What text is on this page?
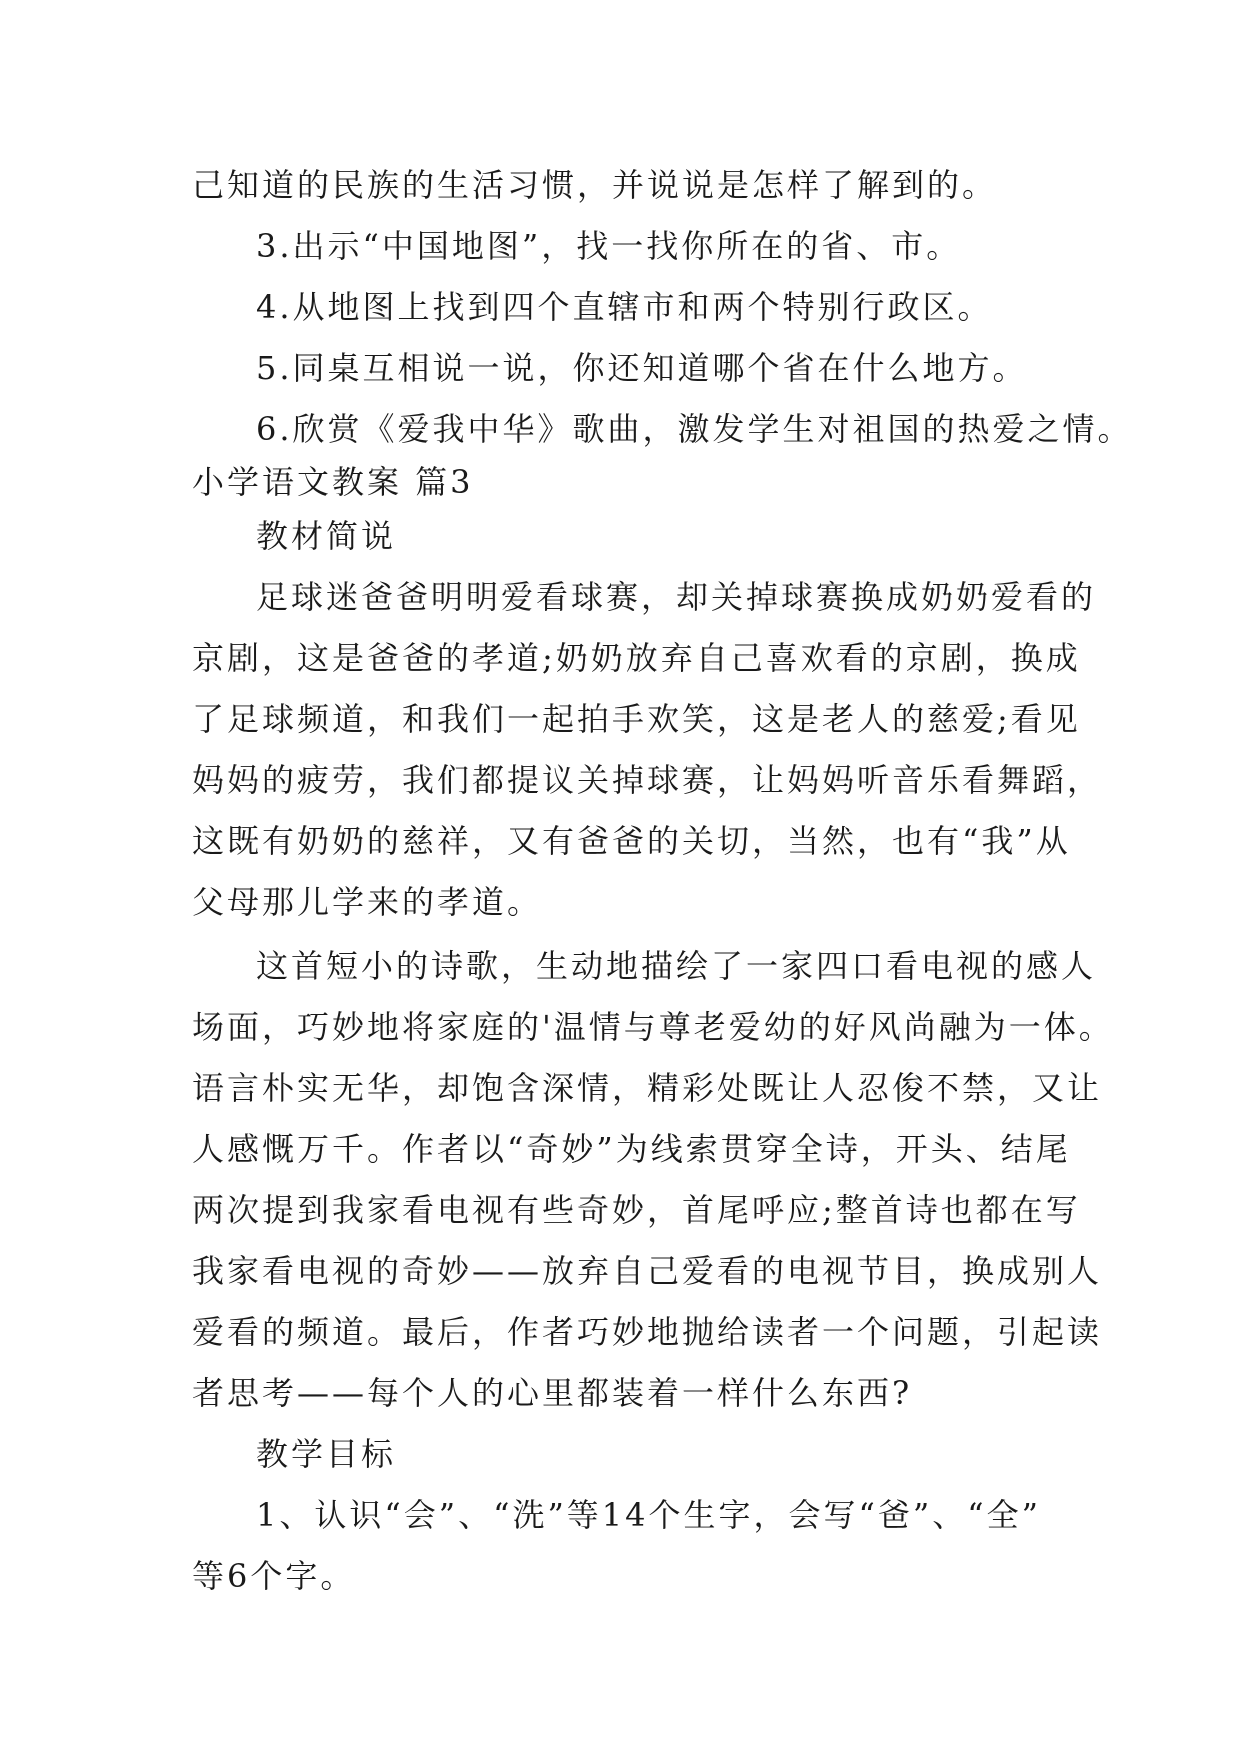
己知道的民族的生活习惯，并说说是怎样了解到的。
3.出示“中国地图”，找一找你所在的省、市。
4.从地图上找到四个直辖市和两个特别行政区。
5.同桌互相说一说，你还知道哪个省在什么地方。
6.欣赏《爱我中华》歌曲，激发学生对祖国的热爱之情。
小学语文教案 篇3
教材简说
足球迷爸爸明明爱看球赛，却关掉球赛换成奶奶爱看的
京剧，这是爸爸的孝道;奶奶放弃自己喜欢看的京剧，换成
了足球频道，和我们一起拍手欢笑，这是老人的慈爱;看见
妈妈的疲劳，我们都提议关掉球赛，让妈妈听音乐看舞蹈，
这既有奶奶的慈祥，又有爸爸的关切，当然，也有“我”从
父母那儿学来的孝道。
这首短小的诗歌，生动地描绘了一家四口看电视的感人
场面，巧妙地将家庭的'温情与尊老爱幼的好风尚融为一体。
语言朴实无华，却饱含深情，精彩处既让人忍俊不禁，又让
人感慨万千。作者以“奇妙”为线索贯穿全诗，开头、结尾
两次提到我家看电视有些奇妙，首尾呼应;整首诗也都在写
我家看电视的奇妙——放弃自己爱看的电视节目，换成别人
爱看的频道。最后，作者巧妙地抛给读者一个问题，引起读
者思考——每个人的心里都装着一样什么东西?
教学目标
1、认识“会”、“洗”等14个生字，会写“爸”、“全”
等6个字。
